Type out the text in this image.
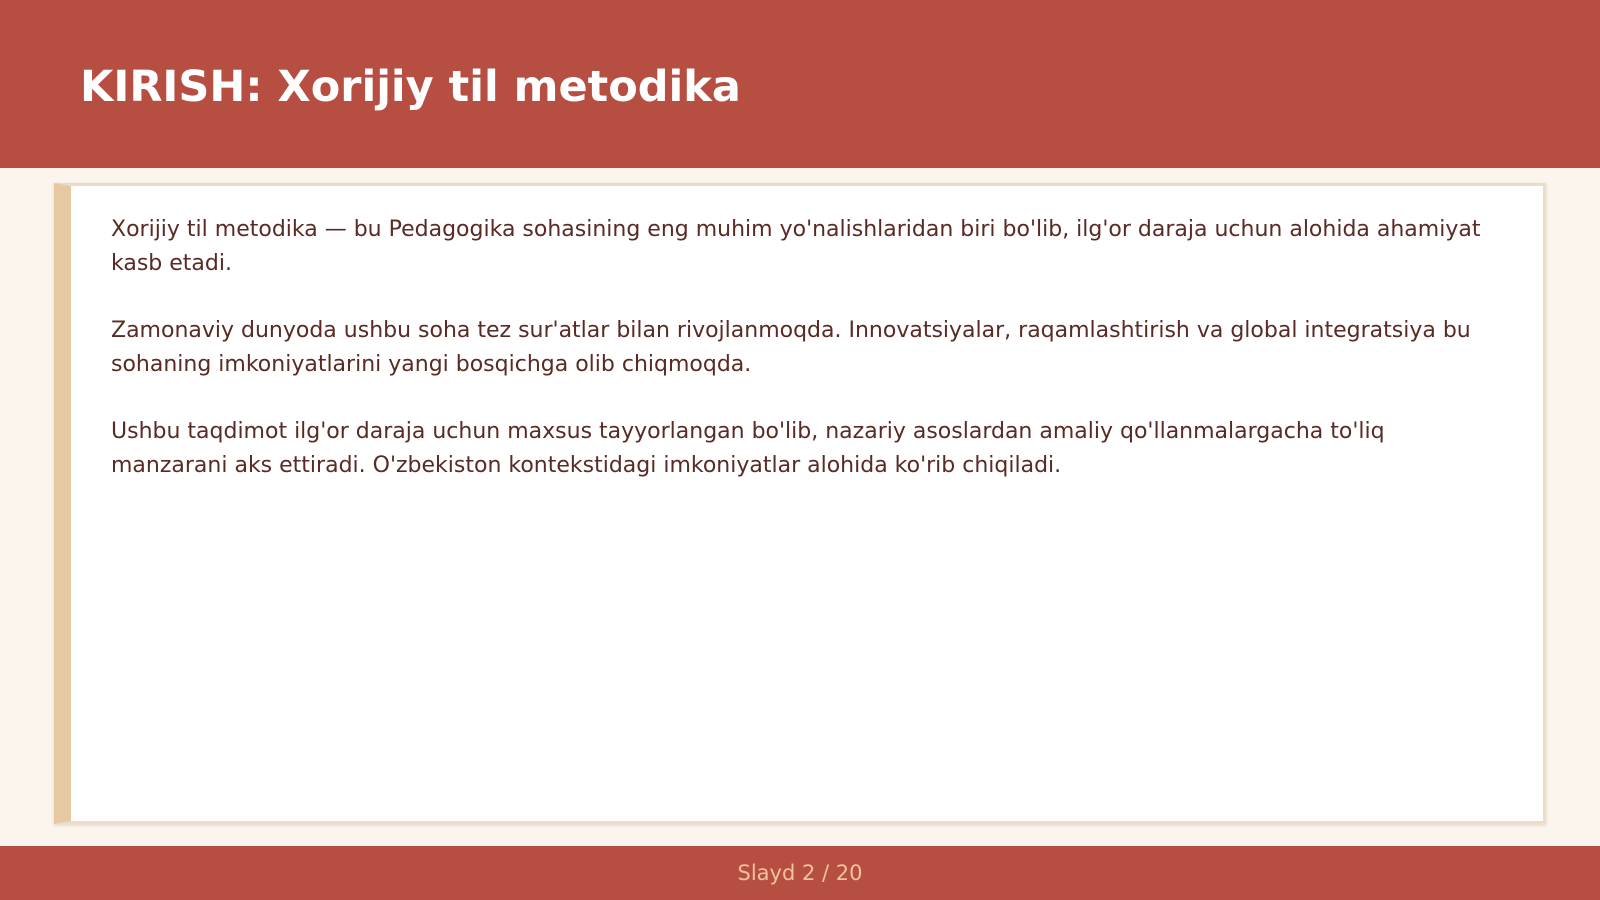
KIRISH: Xorijiy til metodika

Xorijiy til metodika — bu Pedagogika sohasining eng muhim yo'nalishlaridan biri bo'lib, ilg'or daraja uchun alohida ahamiyat kasb etadi.

Zamonaviy dunyoda ushbu soha tez sur'atlar bilan rivojlanmoqda. Innovatsiyalar, raqamlashtirish va global integratsiya bu sohaning imkoniyatlarini yangi bosqichga olib chiqmoqda.

Ushbu taqdimot ilg'or daraja uchun maxsus tayyorlangan bo'lib, nazariy asoslardan amaliy qo'llanmalargacha to'liq manzarani aks ettiradi. O'zbekiston kontekstidagi imkoniyatlar alohida ko'rib chiqiladi.

Slayd 2 / 20
